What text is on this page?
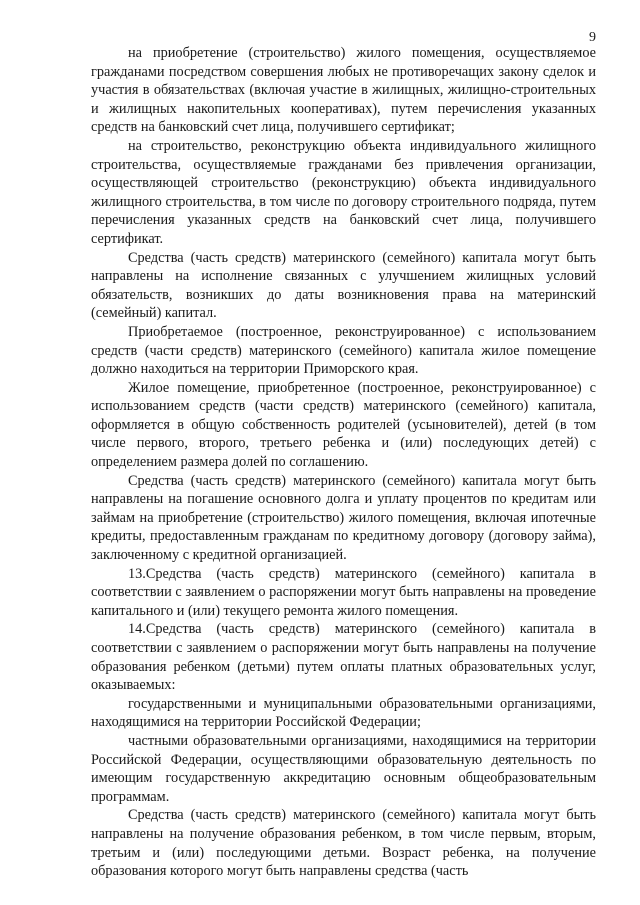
9

на приобретение (строительство) жилого помещения, осуществляемое гражданами посредством совершения любых не противоречащих закону сделок и участия в обязательствах (включая участие в жилищных, жилищно-строительных и жилищных накопительных кооперативах), путем перечисления указанных средств на банковский счет лица, получившего сертификат;

на строительство, реконструкцию объекта индивидуального жилищного строительства, осуществляемые гражданами без привлечения организации, осуществляющей строительство (реконструкцию) объекта индивидуального жилищного строительства, в том числе по договору строительного подряда, путем перечисления указанных средств на банковский счет лица, получившего сертификат.

Средства (часть средств) материнского (семейного) капитала могут быть направлены на исполнение связанных с улучшением жилищных условий обязательств, возникших до даты возникновения права на материнский (семейный) капитал.

Приобретаемое (построенное, реконструированное) с использованием средств (части средств) материнского (семейного) капитала жилое помещение должно находиться на территории Приморского края.

Жилое помещение, приобретенное (построенное, реконструированное) с использованием средств (части средств) материнского (семейного) капитала, оформляется в общую собственность родителей (усыновителей), детей (в том числе первого, второго, третьего ребенка и (или) последующих детей) с определением размера долей по соглашению.

Средства (часть средств) материнского (семейного) капитала могут быть направлены на погашение основного долга и уплату процентов по кредитам или займам на приобретение (строительство) жилого помещения, включая ипотечные кредиты, предоставленным гражданам по кредитному договору (договору займа), заключенному с кредитной организацией.

13.Средства (часть средств) материнского (семейного) капитала в соответствии с заявлением о распоряжении могут быть направлены на проведение капитального и (или) текущего ремонта жилого помещения.

14.Средства (часть средств) материнского (семейного) капитала в соответствии с заявлением о распоряжении могут быть направлены на получение образования ребенком (детьми) путем оплаты платных образовательных услуг, оказываемых:

государственными и муниципальными образовательными организациями, находящимися на территории Российской Федерации;

частными образовательными организациями, находящимися на территории Российской Федерации, осуществляющими образовательную деятельность по имеющим государственную аккредитацию основным общеобразовательным программам.

Средства (часть средств) материнского (семейного) капитала могут быть направлены на получение образования ребенком, в том числе первым, вторым, третьим и (или) последующими детьми. Возраст ребенка, на получение образования которого могут быть направлены средства (часть
